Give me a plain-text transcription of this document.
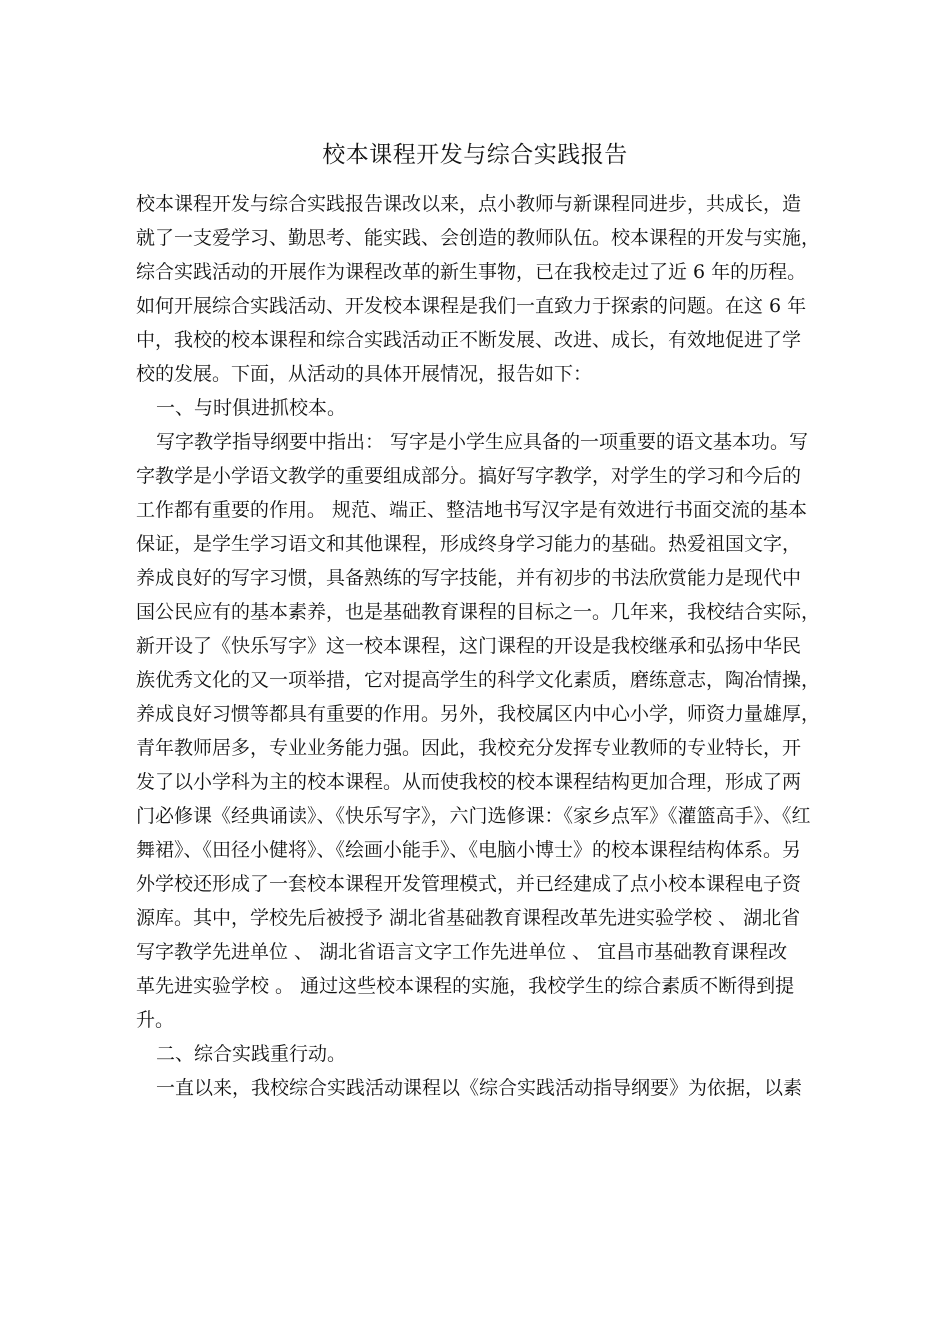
校本课程开发与综合实践报告
校本课程开发与综合实践报告课改以来，点小教师与新课程同进步，共成长，造
就了一支爱学习、勤思考、能实践、会创造的教师队伍。校本课程的开发与实施，
综合实践活动的开展作为课程改革的新生事物，已在我校走过了近 6 年的历程。
如何开展综合实践活动、开发校本课程是我们一直致力于探索的问题。在这 6 年
中，我校的校本课程和综合实践活动正不断发展、改进、成长，有效地促进了学
校的发展。下面，从活动的具体开展情况，报告如下：
一、与时俱进抓校本。
写字教学指导纲要中指出： 写字是小学生应具备的一项重要的语文基本功。写
字教学是小学语文教学的重要组成部分。搞好写字教学，对学生的学习和今后的
工作都有重要的作用。 规范、端正、整洁地书写汉字是有效进行书面交流的基本
保证，是学生学习语文和其他课程，形成终身学习能力的基础。热爱祖国文字，
养成良好的写字习惯，具备熟练的写字技能，并有初步的书法欣赏能力是现代中
国公民应有的基本素养，也是基础教育课程的目标之一。几年来，我校结合实际，
新开设了《快乐写字》这一校本课程，这门课程的开设是我校继承和弘扬中华民
族优秀文化的又一项举措，它对提高学生的科学文化素质，磨练意志，陶冶情操，
养成良好习惯等都具有重要的作用。另外，我校属区内中心小学，师资力量雄厚，
青年教师居多，专业业务能力强。因此，我校充分发挥专业教师的专业特长，开
发了以小学科为主的校本课程。从而使我校的校本课程结构更加合理，形成了两
门必修课《经典诵读》、《快乐写字》，六门选修课：《家乡点军》《灌篮高手》、《红
舞裙》、《田径小健将》、《绘画小能手》、《电脑小博士》的校本课程结构体系。另
外学校还形成了一套校本课程开发管理模式，并已经建成了点小校本课程电子资
源库。其中，学校先后被授予 湖北省基础教育课程改革先进实验学校 、 湖北省
写字教学先进单位 、 湖北省语言文字工作先进单位 、 宜昌市基础教育课程改
革先进实验学校 。 通过这些校本课程的实施，我校学生的综合素质不断得到提
升。
二、综合实践重行动。
一直以来，我校综合实践活动课程以《综合实践活动指导纲要》为依据，以素
